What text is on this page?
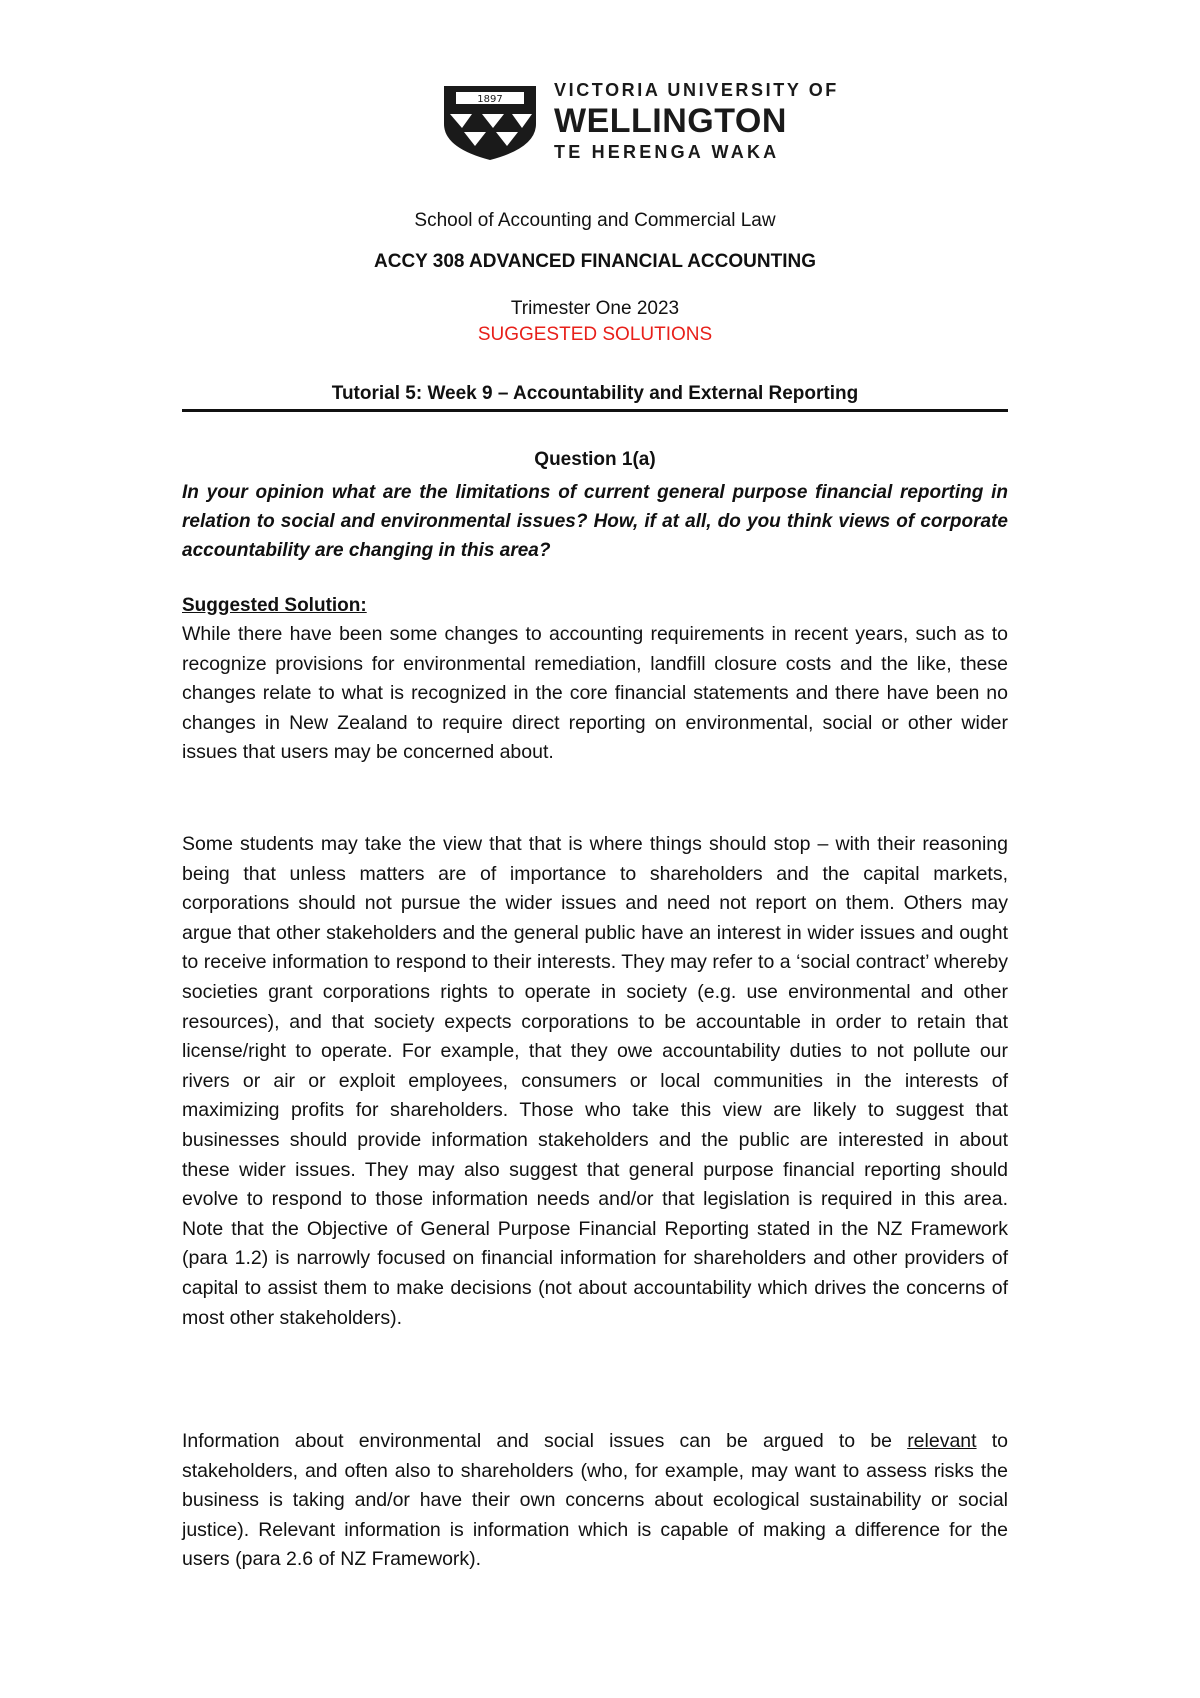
1897	VICTORIA UNIVERSITY OF
WELLINGTON
TE HERENGA WAKA
School of Accounting and Commercial Law
ACCY 308 ADVANCED FINANCIAL ACCOUNTING
Trimester One 2023
SUGGESTED SOLUTIONS
Tutorial 5: Week 9 – Accountability and External Reporting
Question 1(a)
In your opinion what are the limitations of current general purpose financial reporting in relation to social and environmental issues? How, if at all, do you think views of corporate accountability are changing in this area?
Suggested Solution:
While there have been some changes to accounting requirements in recent years, such as to recognize provisions for environmental remediation, landfill closure costs and the like, these changes relate to what is recognized in the core financial statements and there have been no changes in New Zealand to require direct reporting on environmental, social or other wider issues that users may be concerned about.
Some students may take the view that that is where things should stop – with their reasoning being that unless matters are of importance to shareholders and the capital markets, corporations should not pursue the wider issues and need not report on them. Others may argue that other stakeholders and the general public have an interest in wider issues and ought to receive information to respond to their interests. They may refer to a ‘social contract’ whereby societies grant corporations rights to operate in society (e.g. use environmental and other resources), and that society expects corporations to be accountable in order to retain that license/right to operate. For example, that they owe accountability duties to not pollute our rivers or air or exploit employees, consumers or local communities in the interests of maximizing profits for shareholders. Those who take this view are likely to suggest that businesses should provide information stakeholders and the public are interested in about these wider issues. They may also suggest that general purpose financial reporting should evolve to respond to those information needs and/or that legislation is required in this area. Note that the Objective of General Purpose Financial Reporting stated in the NZ Framework (para 1.2) is narrowly focused on financial information for shareholders and other providers of capital to assist them to make decisions (not about accountability which drives the concerns of most other stakeholders).
Information about environmental and social issues can be argued to be relevant to stakeholders, and often also to shareholders (who, for example, may want to assess risks the business is taking and/or have their own concerns about ecological sustainability or social justice). Relevant information is information which is capable of making a difference for the users (para 2.6 of NZ Framework).
